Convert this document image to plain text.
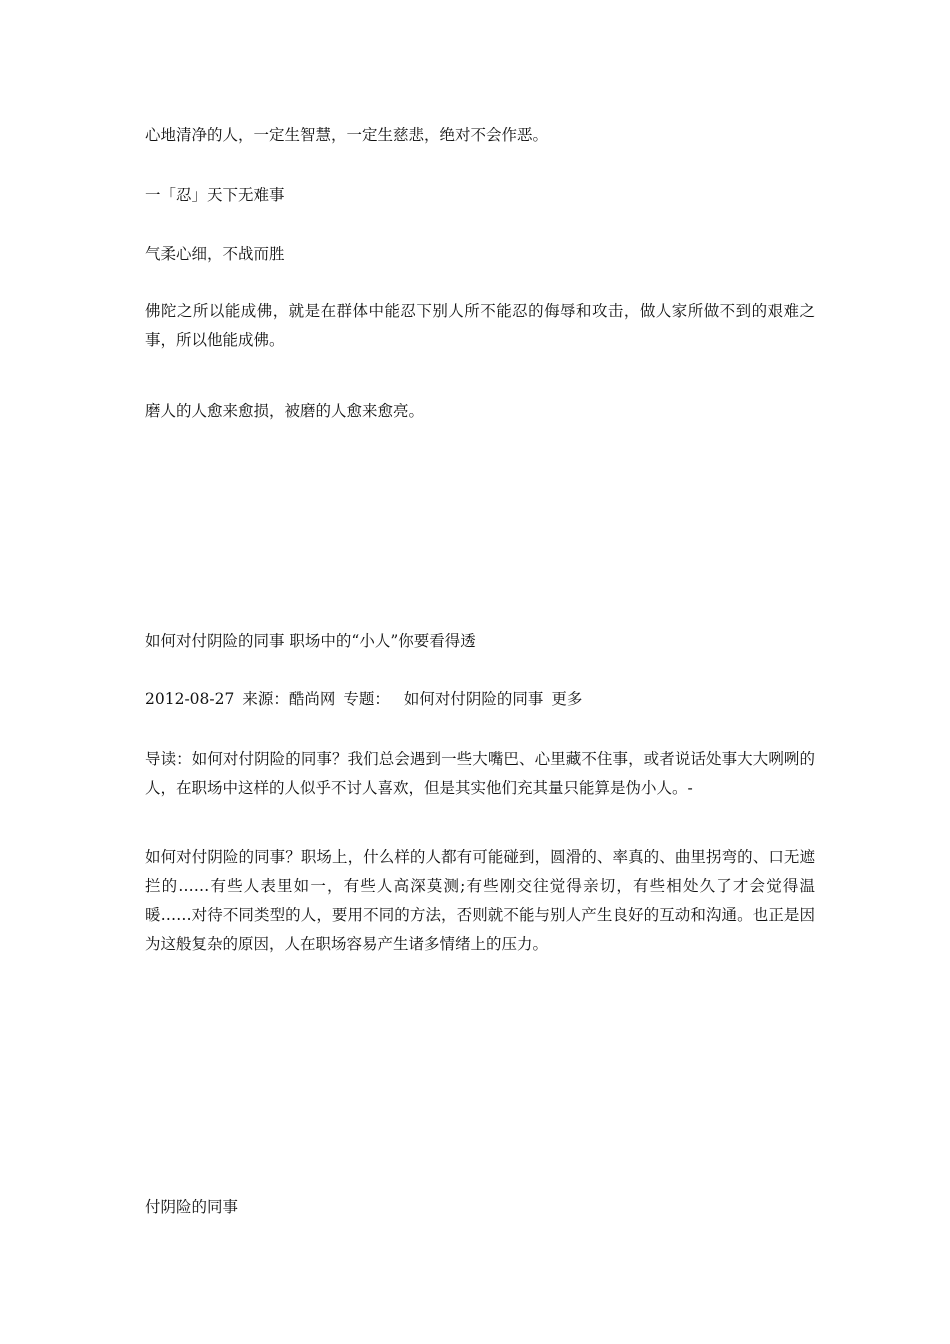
心地清净的人，一定生智慧，一定生慈悲，绝对不会作恶。

一「忍」天下无难事

气柔心细，不战而胜

佛陀之所以能成佛，就是在群体中能忍下别人所不能忍的侮辱和攻击，做人家所做不到的艰难之事，所以他能成佛。

磨人的人愈来愈损，被磨的人愈来愈亮。

如何对付阴险的同事 职场中的“小人”你要看得透

2012-08-27 来源：酷尚网 专题： 如何对付阴险的同事 更多

导读：如何对付阴险的同事？我们总会遇到一些大嘴巴、心里藏不住事，或者说话处事大大咧咧的人，在职场中这样的人似乎不讨人喜欢，但是其实他们充其量只能算是伪小人。-

如何对付阴险的同事？职场上，什么样的人都有可能碰到，圆滑的、率真的、曲里拐弯的、口无遮拦的……有些人表里如一，有些人高深莫测;有些刚交往觉得亲切，有些相处久了才会觉得温暖……对待不同类型的人，要用不同的方法，否则就不能与别人产生良好的互动和沟通。也正是因为这般复杂的原因，人在职场容易产生诸多情绪上的压力。

付阴险的同事
